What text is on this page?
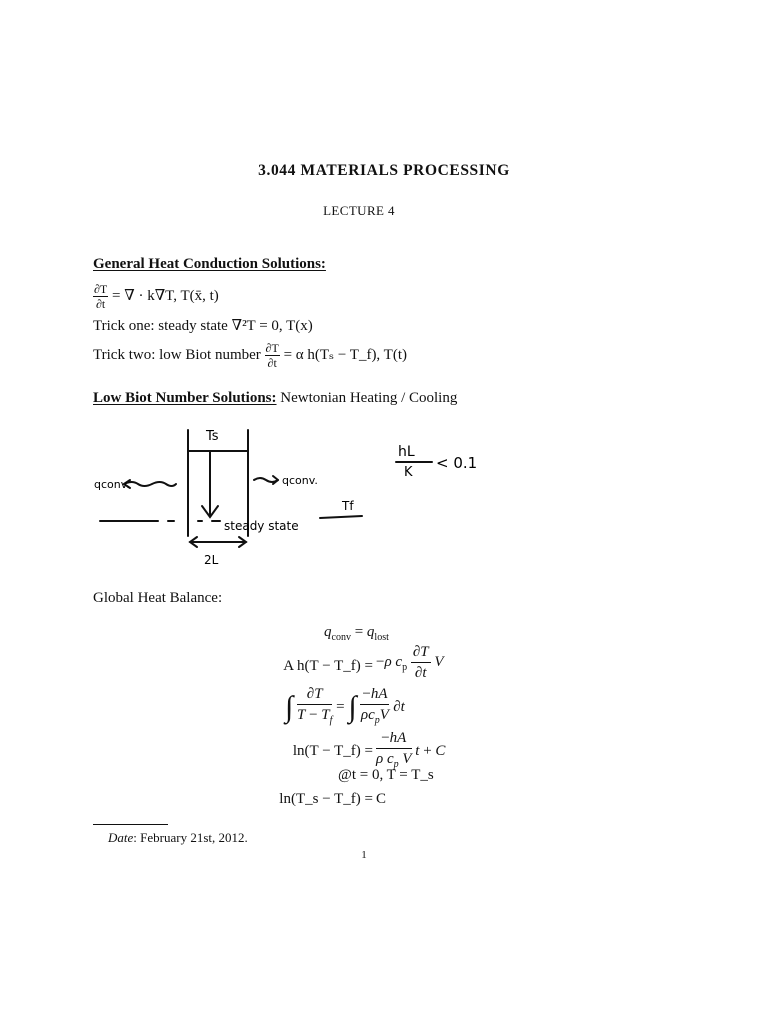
3.044 MATERIALS PROCESSING
LECTURE 4
General Heat Conduction Solutions:
$\frac{\partial T}{\partial t}$ = ∇ · k∇T, T(x̄, t)
Trick one: steady state ∇²T = 0, T(x)
Trick two: low Biot number $\frac{\partial T}{\partial t} = \alpha$ h(Tₛ − T_f), T(t)
Low Biot Number Solutions: Newtonian Heating / Cooling
Ts
qconv.	qconv.
Tf
steady state
2L
hL
K
< 0.1
Global Heat Balance:
$q_{conv} = q_{lost}$
A h(T − T_f) = −ρ $c_p \frac{\partial T}{\partial t}$ V
∫ $\frac{\partial T}{T - T_f}$ = ∫ −hA
$\rho c_pV$
∂t
ln(T − T_f) = $\frac{-hA}{\rho c_p V}$ t + C
@t = 0, T = T_s
ln(T_s − T_f) = C
Date: February 21st, 2012.
1
